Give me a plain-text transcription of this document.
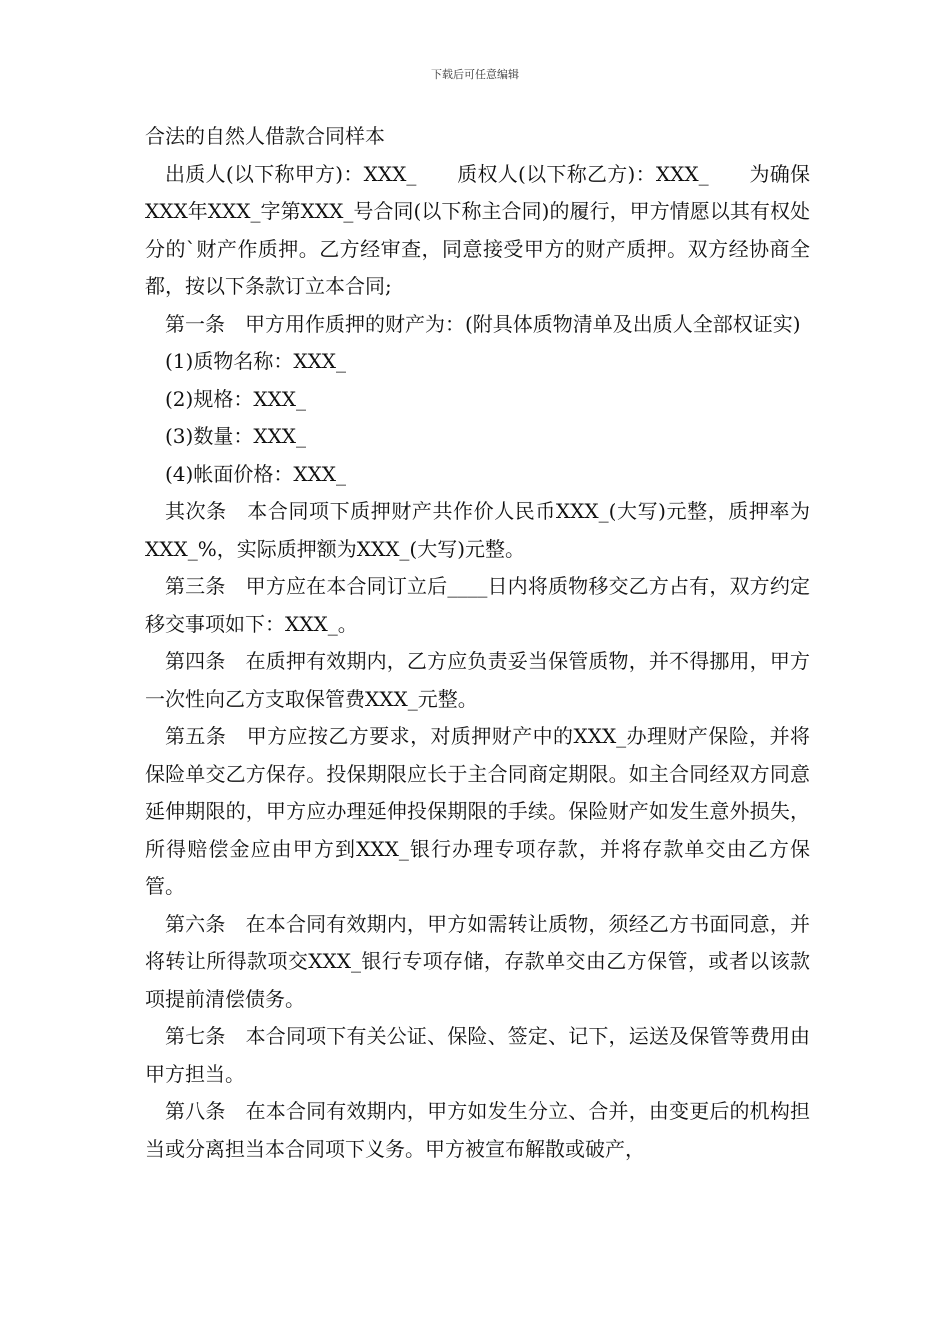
下载后可任意编辑

合法的自然人借款合同样本

出质人(以下称甲方)：XXX_　　质权人(以下称乙方)：XXX_　　为确保XXX年XXX_字第XXX_号合同(以下称主合同)的履行，甲方情愿以其有权处分的`财产作质押。乙方经审查，同意接受甲方的财产质押。双方经协商全都，按以下条款订立本合同;

第一条　甲方用作质押的财产为：(附具体质物清单及出质人全部权证实)

(1)质物名称：XXX_

(2)规格：XXX_

(3)数量：XXX_

(4)帐面价格：XXX_

其次条　本合同项下质押财产共作价人民币XXX_(大写)元整，质押率为XXX_%，实际质押额为XXX_(大写)元整。

第三条　甲方应在本合同订立后____日内将质物移交乙方占有，双方约定移交事项如下：XXX_。

第四条　在质押有效期内，乙方应负责妥当保管质物，并不得挪用，甲方一次性向乙方支取保管费XXX_元整。

第五条　甲方应按乙方要求，对质押财产中的XXX_办理财产保险，并将保险单交乙方保存。投保期限应长于主合同商定期限。如主合同经双方同意延伸期限的，甲方应办理延伸投保期限的手续。保险财产如发生意外损失，所得赔偿金应由甲方到XXX_银行办理专项存款，并将存款单交由乙方保管。

第六条　在本合同有效期内，甲方如需转让质物，须经乙方书面同意，并将转让所得款项交XXX_银行专项存储，存款单交由乙方保管，或者以该款项提前清偿债务。

第七条　本合同项下有关公证、保险、签定、记下，运送及保管等费用由甲方担当。

第八条　在本合同有效期内，甲方如发生分立、合并，由变更后的机构担当或分离担当本合同项下义务。甲方被宣布解散或破产，
